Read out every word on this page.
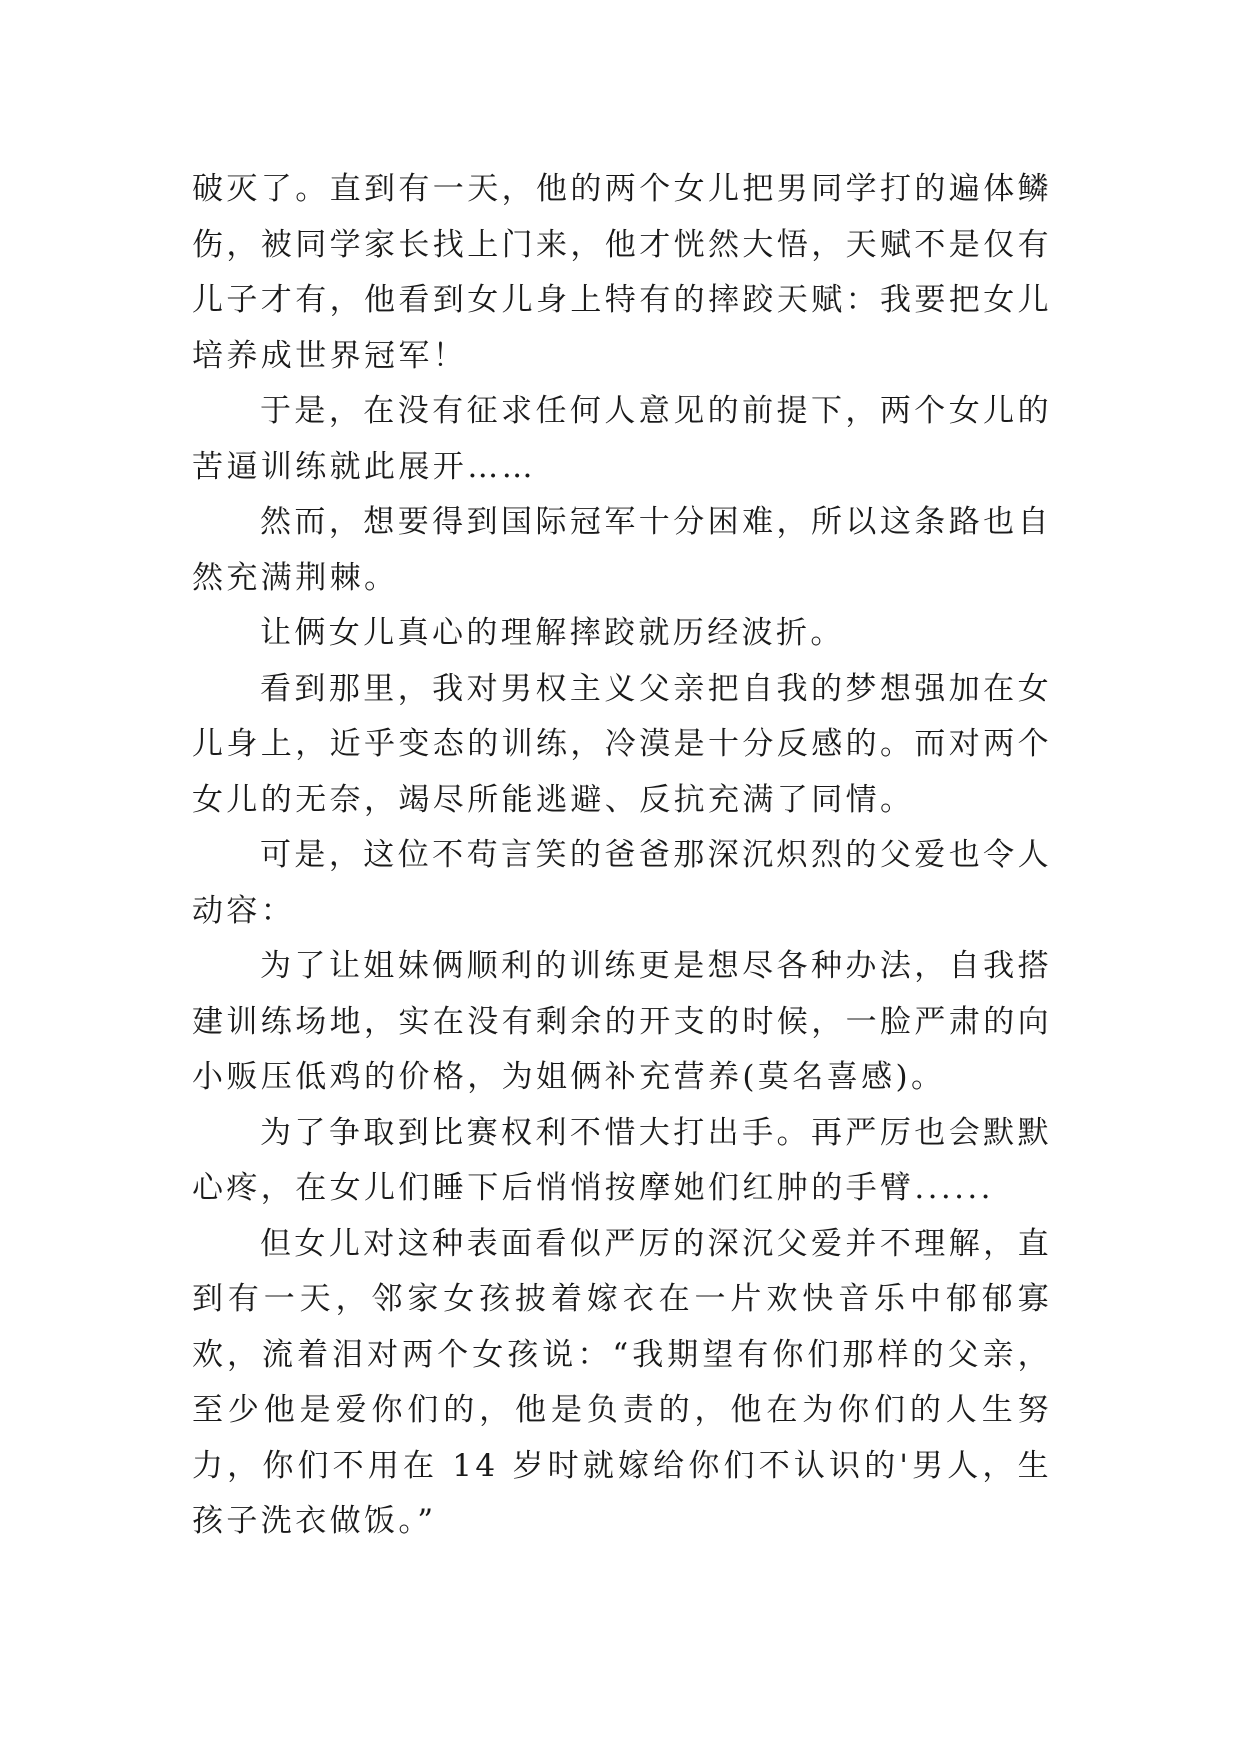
破灭了。直到有一天，他的两个女儿把男同学打的遍体鳞伤，被同学家长找上门来，他才恍然大悟，天赋不是仅有儿子才有，他看到女儿身上特有的摔跤天赋：我要把女儿培养成世界冠军！

于是，在没有征求任何人意见的前提下，两个女儿的苦逼训练就此展开……

然而，想要得到国际冠军十分困难，所以这条路也自然充满荆棘。

让俩女儿真心的理解摔跤就历经波折。

看到那里，我对男权主义父亲把自我的梦想强加在女儿身上，近乎变态的训练，冷漠是十分反感的。而对两个女儿的无奈，竭尽所能逃避、反抗充满了同情。

可是，这位不苟言笑的爸爸那深沉炽烈的父爱也令人动容：

为了让姐妹俩顺利的训练更是想尽各种办法，自我搭建训练场地，实在没有剩余的开支的时候，一脸严肃的向小贩压低鸡的价格，为姐俩补充营养(莫名喜感)。

为了争取到比赛权利不惜大打出手。再严厉也会默默心疼，在女儿们睡下后悄悄按摩她们红肿的手臂......

但女儿对这种表面看似严厉的深沉父爱并不理解，直到有一天，邻家女孩披着嫁衣在一片欢快音乐中郁郁寡欢，流着泪对两个女孩说：“我期望有你们那样的父亲，至少他是爱你们的，他是负责的，他在为你们的人生努力，你们不用在 14 岁时就嫁给你们不认识的'男人，生孩子洗衣做饭。”
